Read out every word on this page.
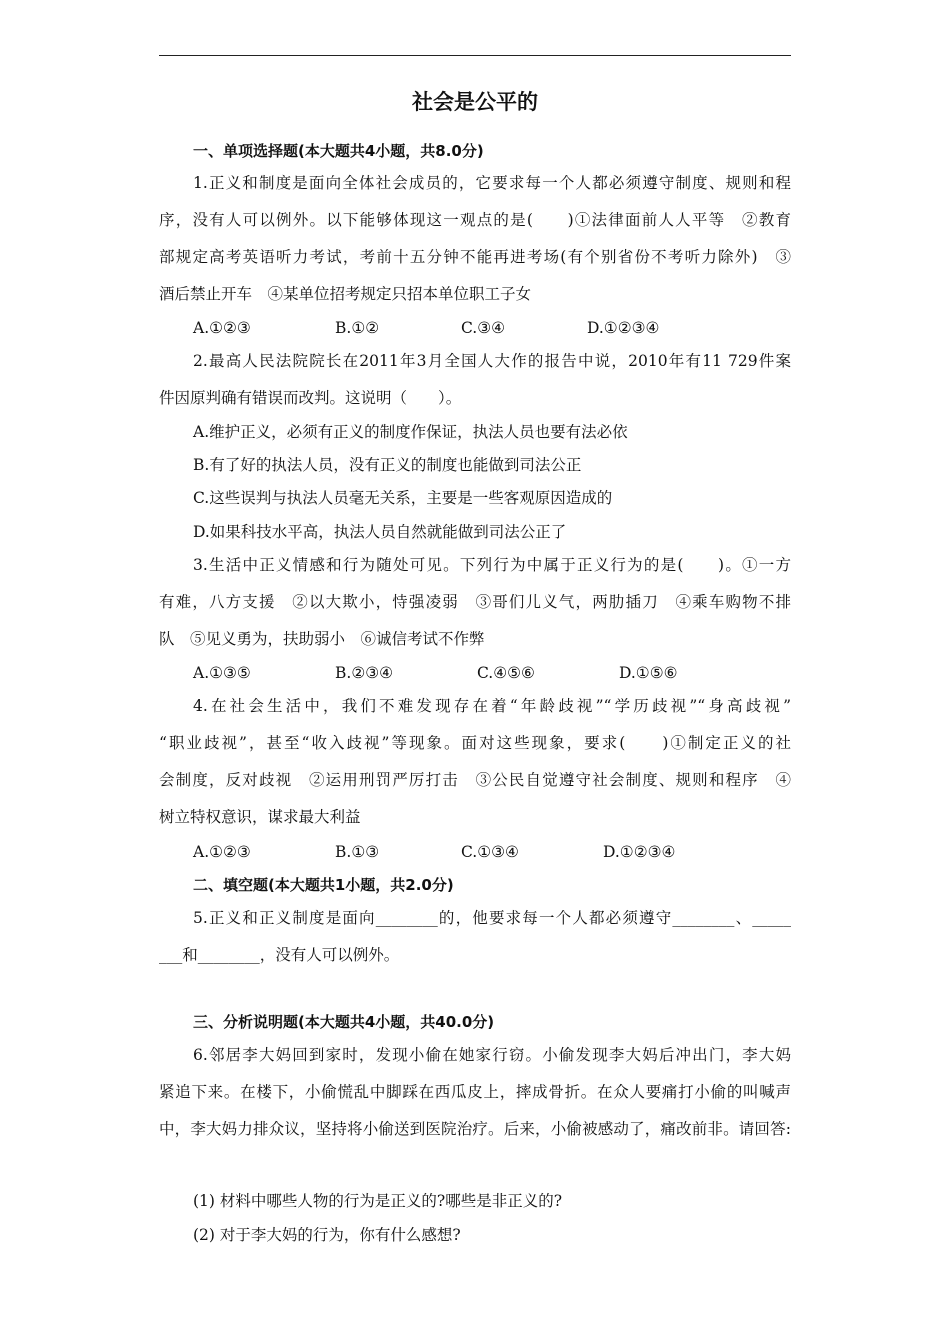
社会是公平的
一、单项选择题(本大题共4小题，共8.0分)
1.正义和制度是面向全体社会成员的，它要求每一个人都必须遵守制度、规则和程
序，没有人可以例外。以下能够体现这一观点的是(　　)①法律面前人人平等　②教育
部规定高考英语听力考试，考前十五分钟不能再进考场(有个别省份不考听力除外)　③
酒后禁止开车　④某单位招考规定只招本单位职工子女
A.①②③	B.①②	C.③④	D.①②③④
2.最高人民法院院长在2011年3月全国人大作的报告中说，2010年有11 729件案
件因原判确有错误而改判。这说明（　　）。
A.维护正义，必须有正义的制度作保证，执法人员也要有法必依
B.有了好的执法人员，没有正义的制度也能做到司法公正
C.这些误判与执法人员毫无关系，主要是一些客观原因造成的
D.如果科技水平高，执法人员自然就能做到司法公正了
3.生活中正义情感和行为随处可见。下列行为中属于正义行为的是(　　)。①一方
有难，八方支援　②以大欺小，恃强凌弱　③哥们儿义气，两肋插刀　④乘车购物不排
队　⑤见义勇为，扶助弱小　⑥诚信考试不作弊
A.①③⑤	B.②③④	C.④⑤⑥	D.①⑤⑥
4.在社会生活中，我们不难发现存在着“年龄歧视”“学历歧视”“身高歧视”
“职业歧视”，甚至“收入歧视”等现象。面对这些现象，要求(　　)①制定正义的社
会制度，反对歧视　②运用刑罚严厉打击　③公民自觉遵守社会制度、规则和程序　④
树立特权意识，谋求最大利益
A.①②③	B.①③	C.①③④	D.①②③④
二、填空题(本大题共1小题，共2.0分)
5.正义和正义制度是面向________的，他要求每一个人都必须遵守________、_____
___和________，没有人可以例外。
三、分析说明题(本大题共4小题，共40.0分)
6.邻居李大妈回到家时，发现小偷在她家行窃。小偷发现李大妈后冲出门，李大妈
紧追下来。在楼下，小偷慌乱中脚踩在西瓜皮上，摔成骨折。在众人要痛打小偷的叫喊声
中，李大妈力排众议，坚持将小偷送到医院治疗。后来，小偷被感动了，痛改前非。请回答:
(1) 材料中哪些人物的行为是正义的?哪些是非正义的?
(2) 对于李大妈的行为，你有什么感想?
